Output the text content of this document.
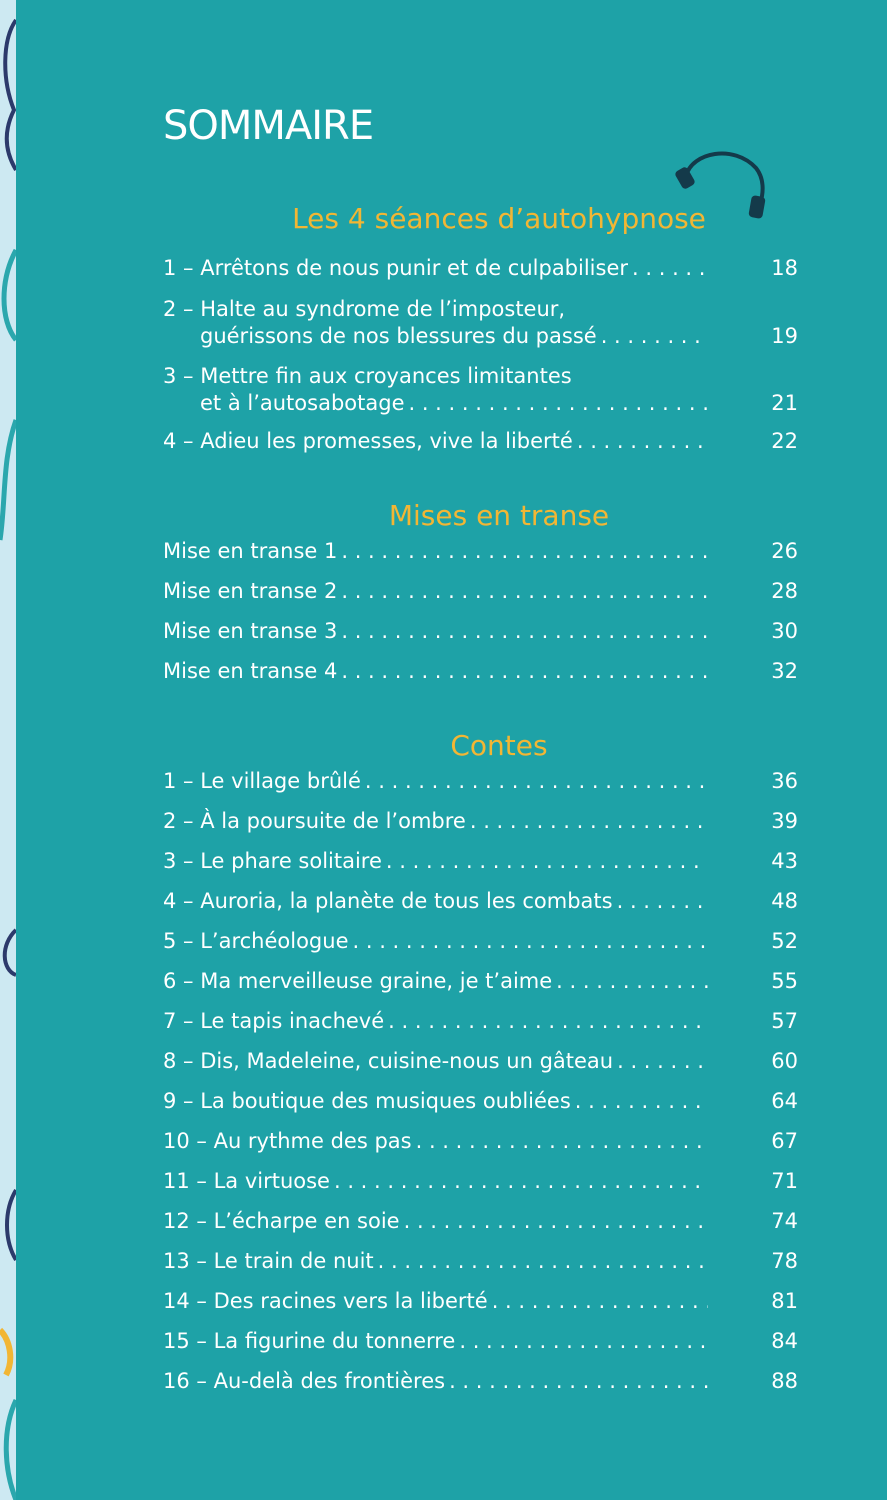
SOMMAIRE
Les 4 séances d’autohypnose
1 – Arrêtons de nous punir et de culpabiliser . . .	18
2 – Halte au syndrome de l’imposteur,
guérissons de nos blessures du passé . . .	19
3 – Mettre fin aux croyances limitantes
et à l’autosabotage . . .	21
4 – Adieu les promesses, vive la liberté . . .	22
Mises en transe
Mise en transe 1 . . .	26
Mise en transe 2 . . .	28
Mise en transe 3 . . .	30
Mise en transe 4 . . .	32
Contes
1 – Le village brûlé . . .	36
2 – À la poursuite de l’ombre . . .	39
3 – Le phare solitaire . . .	43
4 – Auroria, la planète de tous les combats . . .	48
5 – L’archéologue . . .	52
6 – Ma merveilleuse graine, je t’aime . . .	55
7 – Le tapis inachevé . . .	57
8 – Dis, Madeleine, cuisine-nous un gâteau . . .	60
9 – La boutique des musiques oubliées . . .	64
10 – Au rythme des pas . . .	67
11 – La virtuose . . .	71
12 – L’écharpe en soie . . .	74
13 – Le train de nuit . . .	78
14 – Des racines vers la liberté . . .	81
15 – La figurine du tonnerre . . .	84
16 – Au-delà des frontières . . .	88
